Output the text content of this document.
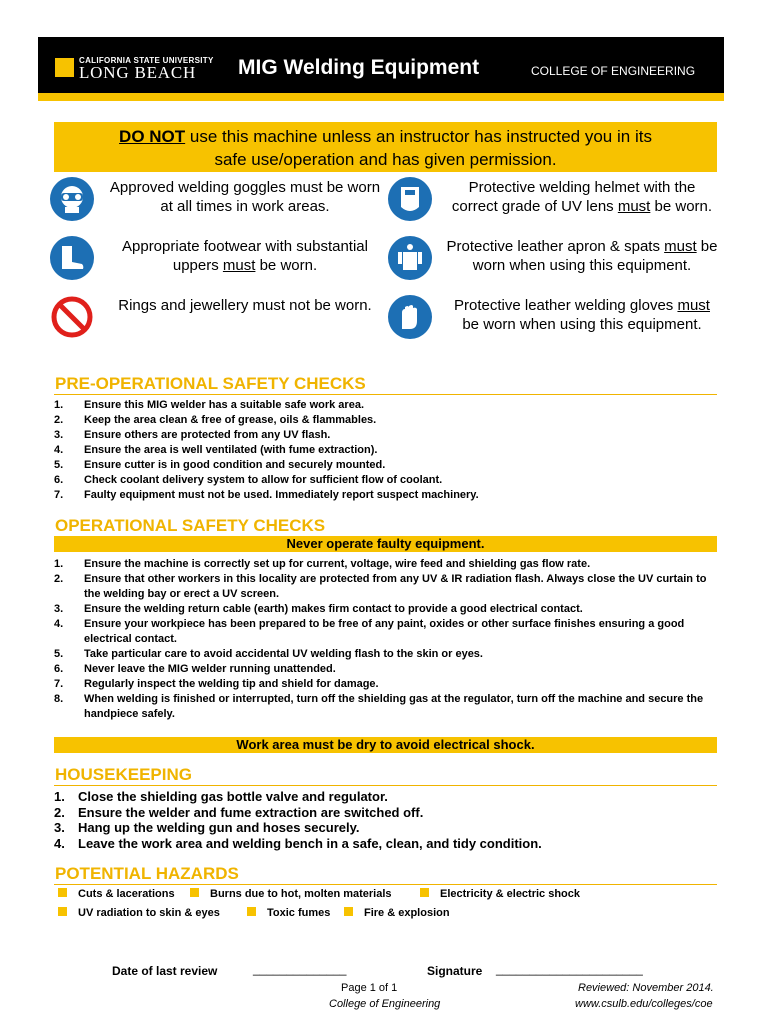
CALIFORNIA STATE UNIVERSITY
LONG BEACH MIG Welding Equipment	COLLEGE OF ENGINEERING
DO NOT use this machine unless an instructor has instructed you in its
safe use/operation and has given permission.
Approved welding goggles must be worn at all times in work areas.
Protective welding helmet with the correct grade of UV lens must be worn.
Appropriate footwear with substantial uppers must be worn.
Protective leather apron & spats must be worn when using this equipment.
Rings and jewellery must not be worn.	Protective leather welding gloves must be worn when using this equipment.
PRE-OPERATIONAL SAFETY CHECKS
1. Ensure this MIG welder has a suitable safe work area.
2. Keep the area clean & free of grease, oils & flammables.
3. Ensure others are protected from any UV flash.
4. Ensure the area is well ventilated (with fume extraction).
5. Ensure cutter is in good condition and securely mounted.
6. Check coolant delivery system to allow for sufficient flow of coolant.
7. Faulty equipment must not be used. Immediately report suspect machinery.
OPERATIONAL SAFETY CHECKS
Never operate faulty equipment.
1. Ensure the machine is correctly set up for current, voltage, wire feed and shielding gas flow rate.
2. Ensure that other workers in this locality are protected from any UV & IR radiation flash. Always close the UV curtain to the welding bay or erect a UV screen.
3. Ensure the welding return cable (earth) makes firm contact to provide a good electrical contact.
4. Ensure your workpiece has been prepared to be free of any paint, oxides or other surface finishes ensuring a good electrical contact.
5. Take particular care to avoid accidental UV welding flash to the skin or eyes.
6. Never leave the MIG welder running unattended.
7. Regularly inspect the welding tip and shield for damage.
8. When welding is finished or interrupted, turn off the shielding gas at the regulator, turn off the machine and secure the handpiece safely.
Work area must be dry to avoid electrical shock.
HOUSEKEEPING
1. Close the shielding gas bottle valve and regulator.
2. Ensure the welder and fume extraction are switched off.
3. Hang up the welding gun and hoses securely.
4. Leave the work area and welding bench in a safe, clean, and tidy condition.
POTENTIAL HAZARDS
Cuts & lacerations	Burns due to hot, molten materials	Electricity & electric shock
UV radiation to skin & eyes	Toxic fumes	Fire & explosion
Date of last review	______________	Signature ______________________
Page 1 of 1
College of Engineering
Reviewed: November 2014.
www.csulb.edu/colleges/coe
